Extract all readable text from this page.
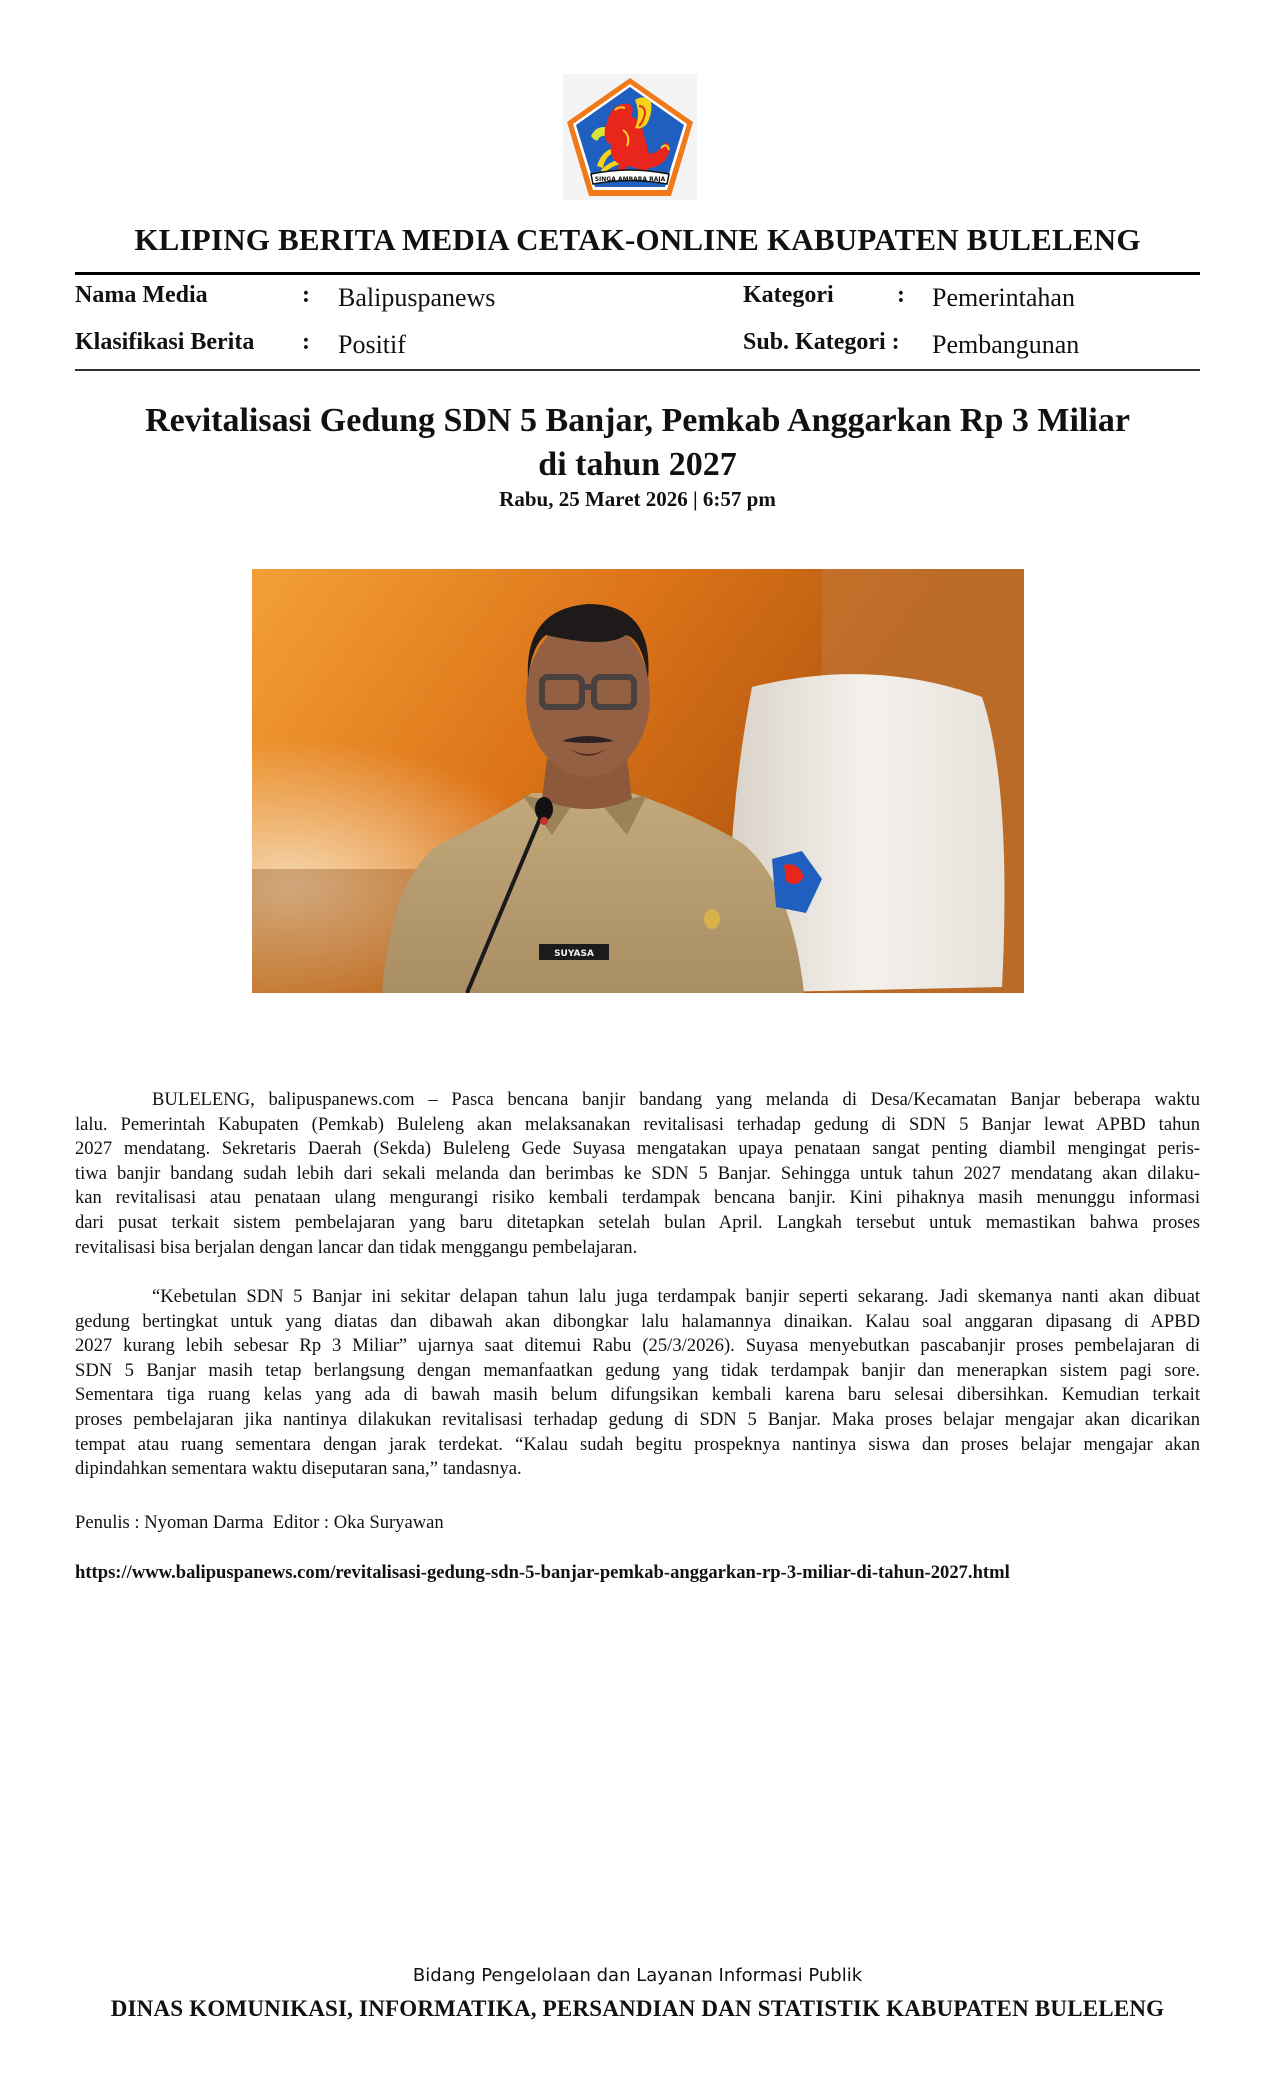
SINGA AMBARA RAJA
KLIPING BERITA MEDIA CETAK-ONLINE KABUPATEN BULELENG
Nama Media	: Balipuspanews
Klasifikasi Berita : Positif
Kategori	: Pemerintahan
Sub. Kategori : Pembangunan
Revitalisasi Gedung SDN 5 Banjar, Pemkab Anggarkan Rp 3 Miliar
di tahun 2027
Rabu, 25 Maret 2026 | 6:57 pm
SUYASA
BULELENG, balipuspanews.com – Pasca bencana banjir bandang yang melanda di Desa/Kecamatan Banjar beberapa waktu
lalu. Pemerintah Kabupaten (Pemkab) Buleleng akan melaksanakan revitalisasi terhadap gedung di SDN 5 Banjar lewat APBD tahun
2027 mendatang. Sekretaris Daerah (Sekda) Buleleng Gede Suyasa mengatakan upaya penataan sangat penting diambil mengingat peris-
tiwa banjir bandang sudah lebih dari sekali melanda dan berimbas ke SDN 5 Banjar. Sehingga untuk tahun 2027 mendatang akan dilaku-
kan revitalisasi atau penataan ulang mengurangi risiko kembali terdampak bencana banjir. Kini pihaknya masih menunggu informasi
dari pusat terkait sistem pembelajaran yang baru ditetapkan setelah bulan April. Langkah tersebut untuk memastikan bahwa proses
revitalisasi bisa berjalan dengan lancar dan tidak menggangu pembelajaran.
“Kebetulan SDN 5 Banjar ini sekitar delapan tahun lalu juga terdampak banjir seperti sekarang. Jadi skemanya nanti akan dibuat
gedung bertingkat untuk yang diatas dan dibawah akan dibongkar lalu halamannya dinaikan. Kalau soal anggaran dipasang di APBD
2027 kurang lebih sebesar Rp 3 Miliar” ujarnya saat ditemui Rabu (25/3/2026). Suyasa menyebutkan pascabanjir proses pembelajaran di
SDN 5 Banjar masih tetap berlangsung dengan memanfaatkan gedung yang tidak terdampak banjir dan menerapkan sistem pagi sore.
Sementara tiga ruang kelas yang ada di bawah masih belum difungsikan kembali karena baru selesai dibersihkan. Kemudian terkait
proses pembelajaran jika nantinya dilakukan revitalisasi terhadap gedung di SDN 5 Banjar. Maka proses belajar mengajar akan dicarikan
tempat atau ruang sementara dengan jarak terdekat. “Kalau sudah begitu prospeknya nantinya siswa dan proses belajar mengajar akan
dipindahkan sementara waktu diseputaran sana,” tandasnya.
Penulis : Nyoman Darma  Editor : Oka Suryawan
https://www.balipuspanews.com/revitalisasi-gedung-sdn-5-banjar-pemkab-anggarkan-rp-3-miliar-di-tahun-2027.html
Bidang Pengelolaan dan Layanan Informasi Publik
DINAS KOMUNIKASI, INFORMATIKA, PERSANDIAN DAN STATISTIK KABUPATEN BULELENG
